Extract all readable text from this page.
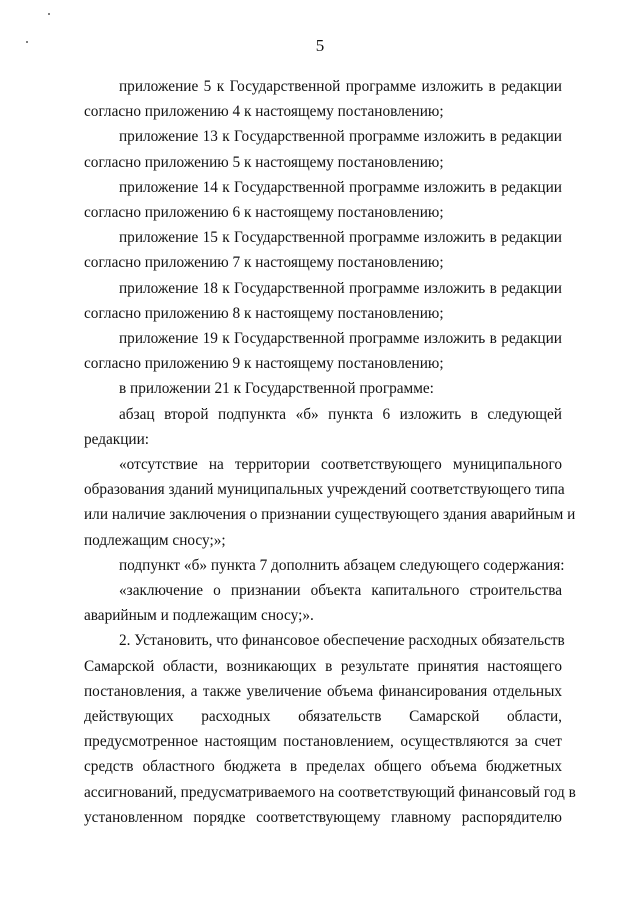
5
приложение 5 к Государственной программе изложить в редакции
согласно приложению 4 к настоящему постановлению;
приложение 13 к Государственной программе изложить в редакции
согласно приложению 5 к настоящему постановлению;
приложение 14 к Государственной программе изложить в редакции
согласно приложению 6 к настоящему постановлению;
приложение 15 к Государственной программе изложить в редакции
согласно приложению 7 к настоящему постановлению;
приложение 18 к Государственной программе изложить в редакции
согласно приложению 8 к настоящему постановлению;
приложение 19 к Государственной программе изложить в редакции
согласно приложению 9 к настоящему постановлению;
в приложении 21 к Государственной программе:
абзац второй подпункта «б» пункта 6 изложить в следующей
редакции:
«отсутствие на территории соответствующего муниципального
образования зданий муниципальных учреждений соответствующего типа
или наличие заключения о признании существующего здания аварийным и
подлежащим сносу;»;
подпункт «б» пункта 7 дополнить абзацем следующего содержания:
«заключение о признании объекта капитального строительства
аварийным и подлежащим сносу;».
2. Установить, что финансовое обеспечение расходных обязательств
Самарской области, возникающих в результате принятия настоящего
постановления, а также увеличение объема финансирования отдельных
действующих расходных обязательств Самарской области,
предусмотренное настоящим постановлением, осуществляются за счет
средств областного бюджета в пределах общего объема бюджетных
ассигнований, предусматриваемого на соответствующий финансовый год в
установленном порядке соответствующему главному распорядителю
